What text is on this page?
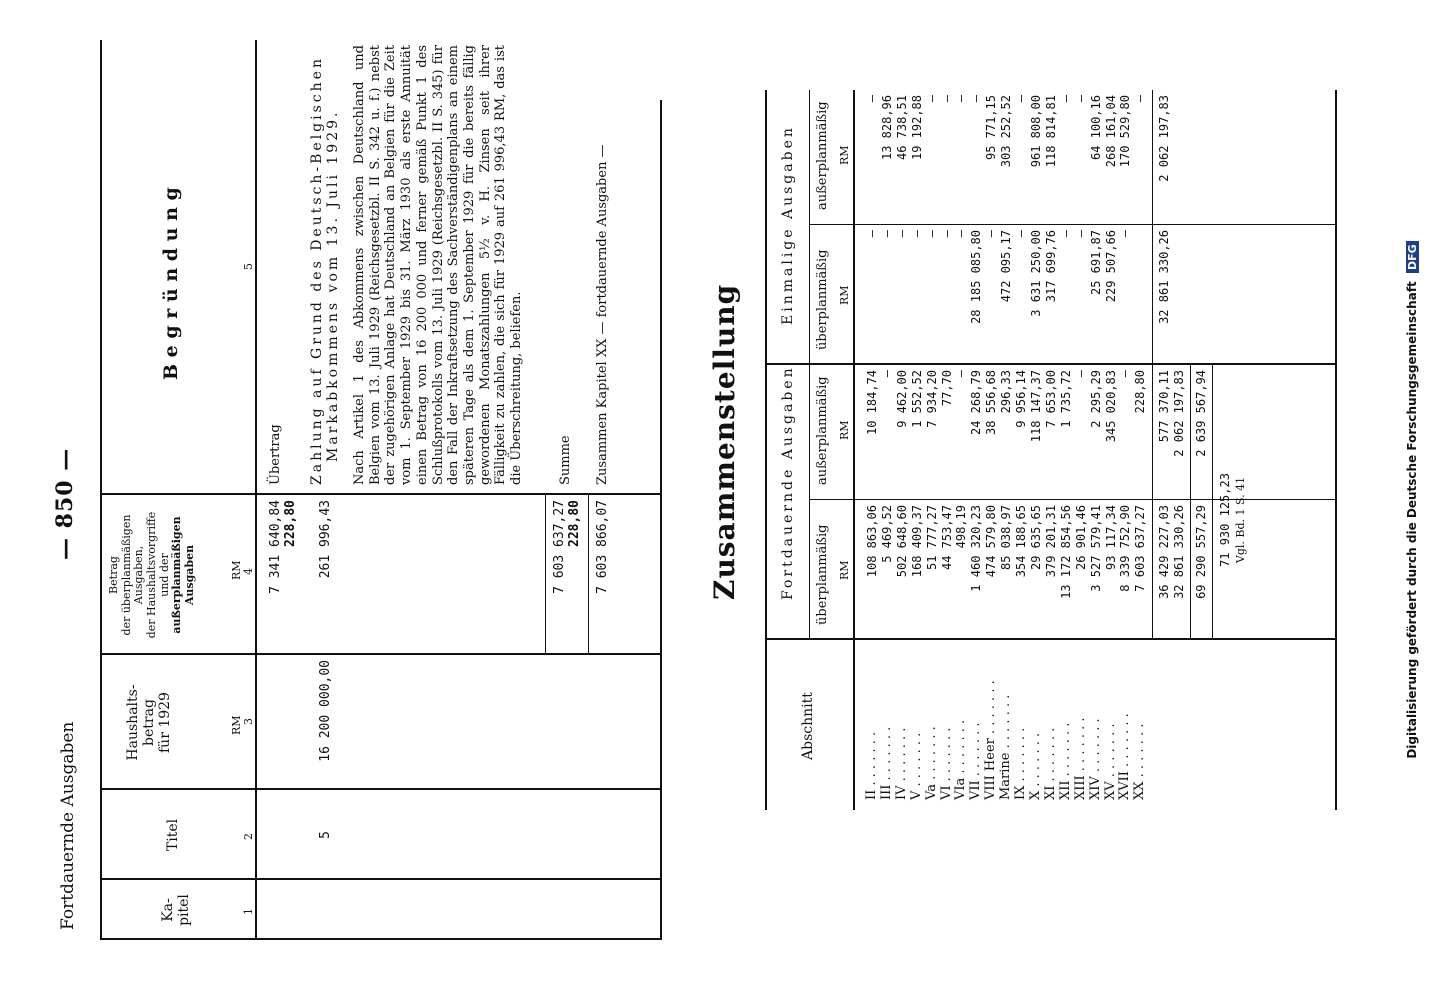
Fortdauernde Ausgaben
— 850 —
Ka-
pitel
Titel
Haushalts-
betrag
für 1929
Betrag der überplanmäßigen Ausgaben, der Haushaltsvorgriffe und der außerplanmäßigen Ausgaben
B e g r ü n d u n g
RM
RM
1
2
3
4
5
7 341 640,84 228,80
Übertrag
5
16 200 000,00
261 996,43
Zahlung auf Grund des Deutsch-Belgischen Markabkommens vom 13. Juli 1929. Nach Artikel 1 des Abkommens zwischen Deutschland und Belgien vom 13. Juli 1929 (Reichsgesetzbl. II S. 342 u. f.) nebst der zugehörigen Anlage hat Deutschland an Belgien für die Zeit vom 1. September 1929 bis 31. März 1930 als erste Annuität einen Betrag von 16 200 000 und ferner gemäß Punkt 1 des Schlußprotokolls vom 13. Juli 1929 (Reichsgesetzbl. II S. 345) für den Fall der Inkraftsetzung des Sachverständigenplans an einem späteren Tage als dem 1. September 1929 für die bereits fällig gewordenen Monatszahlungen 5½ v. H. Zinsen seit ihrer Fälligkeit zu zahlen, die sich für 1929 auf 261 996,43 RM, das ist die Überschreitung, beliefen.
7 603 637,27 228,80
Summe
7 603 866,07
Zusammen Kapitel XX — fortdauernde Ausgaben —	Zusammenstellung
Abschnitt
Fortdauernde Ausgaben
Einmalige Ausgaben
überplanmäßig
außerplanmäßig
überplanmäßig
außerplanmäßig
RM
RM
RM
RM
II . . . . . . . III . . . . . . . IV . . . . . . . V . . . . . . . Va . . . . . . . VI . . . . . . . VIa . . . . . . . VII . . . . . . . VIII Heer . . . . . . . Marine . . . . . . . IX . . . . . . . X . . . . . . . XI . . . . . . . XII . . . . . . . XIII . . . . . . . XIV . . . . . . . XV . . . . . . . XVII . . . . . . . XX . . . . . . .
108 863,06 5 469,52 502 648,60 168 409,37 51 777,27 44 753,47 498,19 1 460 320,23 474 579,80 85 038,97 354 188,65 29 635,65 379 201,31 13 172 854,56 26 901,46 3 527 579,41 93 117,34 8 339 752,90 7 603 637,27
10 184,74 — 9 462,00 1 552,52 7 934,20 77,70 — 24 268,79 38 556,68 296,33 9 956,14 118 147,37 7 653,00 1 735,72 — 2 295,29 345 020,83 — 228,80
— — — — — — — 28 185 085,80 — 472 095,17 — 3 631 250,00 317 699,76 — — 25 691,87 229 507,66 —

— 13 828,96 46 738,51 19 192,88 — — — — 95 771,15 303 252,52 — 961 808,00 118 814,81 — — 64 100,16 268 161,04 170 529,80 —
36 429 227,03 32 861 330,26
577 370,11 2 062 197,83
32 861 330,26
2 062 197,83
69 290 557,29
2 639 567,94
71 930 125,23 Vgl. Bd. 1 S. 41	Digitalisierung gefördert durch die Deutsche Forschungsgemeinschaft DFG
